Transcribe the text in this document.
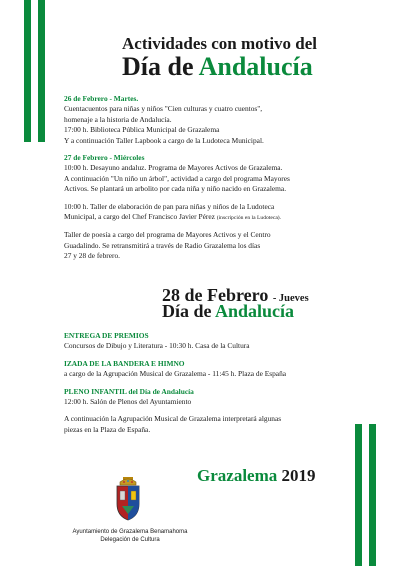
Actividades con motivo del
Día de Andalucía

26 de Febrero - Martes.

Cuentacuentos para niñas y niños "Cien culturas y cuatro cuentos",

homenaje a la historia de Andalucía.

17:00 h. Biblioteca Pública Municipal de Grazalema

Y a continuación Taller Lapbook a cargo de la Ludoteca Municipal.

27 de Febrero - Miércoles

10:00 h. Desayuno andaluz. Programa de Mayores Activos de Grazalema.

A continuación "Un niño un árbol", actividad a cargo del programa Mayores

Activos. Se plantará un arbolito por cada niña y niño nacido en Grazalema.

10:00 h. Taller de elaboración de pan para niñas y niños de la Ludoteca

Municipal, a cargo del Chef Francisco Javier Pérez (inscripción en la Ludoteca).

Taller de poesía a cargo del programa de Mayores Activos y el Centro

Guadalindo. Se retransmitirá a través de Radio Grazalema los días

27 y 28 de febrero.

28 de Febrero - Jueves
Día de Andalucía

ENTREGA DE PREMIOS

Concursos de Dibujo y Literatura - 10:30 h. Casa de la Cultura

IZADA DE LA BANDERA E HIMNO

a cargo de la Agrupación Musical de Grazalema - 11:45 h. Plaza de España

PLENO INFANTIL del Día de Andalucía

12:00 h. Salón de Plenos del Ayuntamiento

A continuación la Agrupación Musical de Grazalema interpretará algunas

piezas en la Plaza de España.

Grazalema 2019
Ayuntamiento de Grazalema Benamahoma
Delegación de Cultura
